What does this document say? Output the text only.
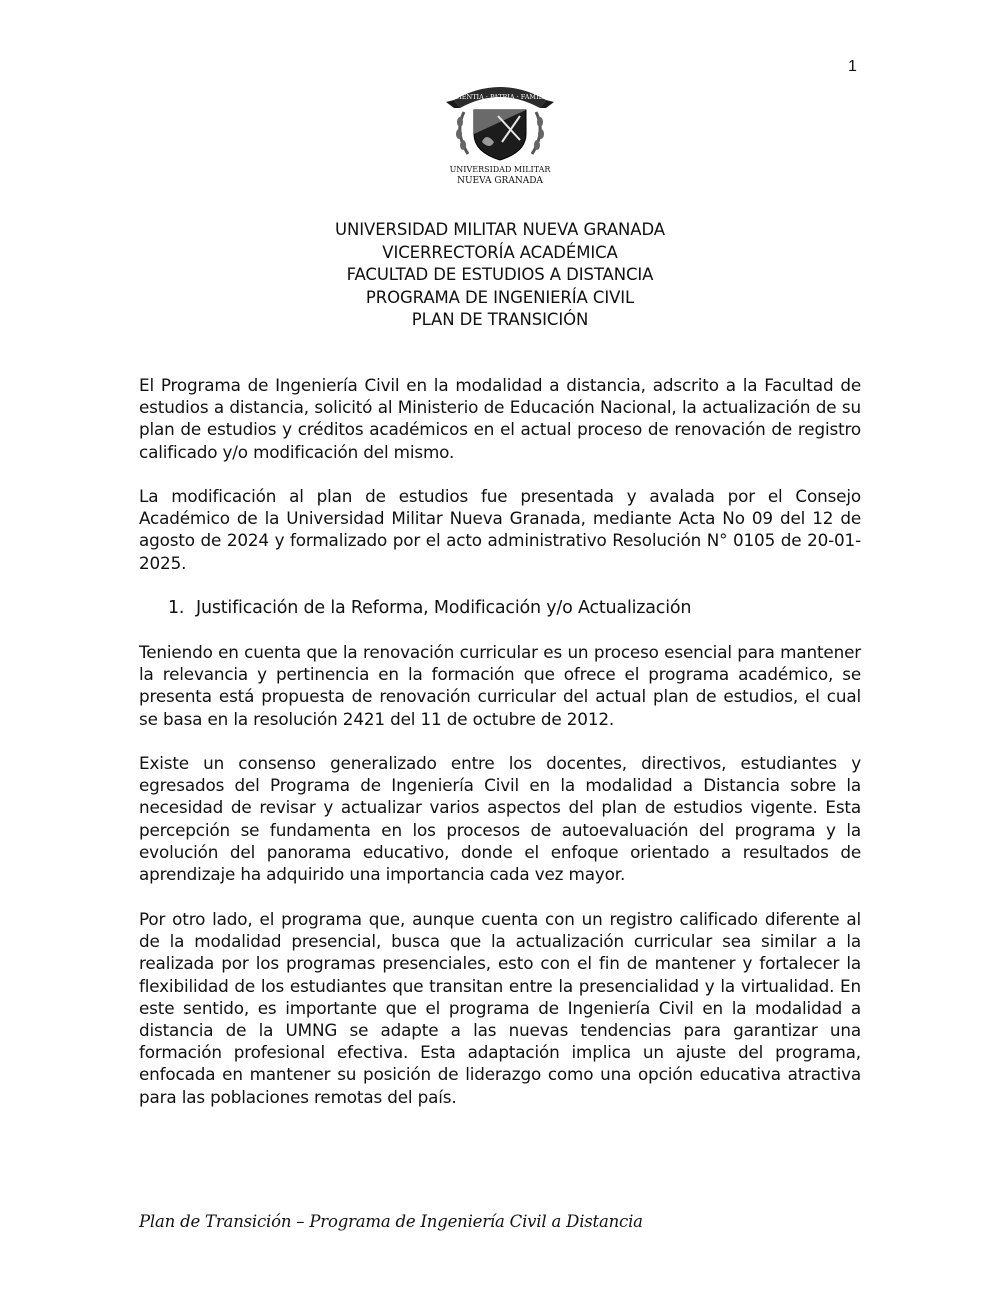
1
SCIENTIA · PATRIA · FAMILIA
UNIVERSIDAD MILITAR
NUEVA GRANADA
UNIVERSIDAD MILITAR NUEVA GRANADA
VICERRECTORÍA ACADÉMICA
FACULTAD DE ESTUDIOS A DISTANCIA
PROGRAMA DE INGENIERÍA CIVIL
PLAN DE TRANSICIÓN

El Programa de Ingeniería Civil en la modalidad a distancia, adscrito a la Facultad de estudios a distancia, solicitó al Ministerio de Educación Nacional, la actualización de su plan de estudios y créditos académicos en el actual proceso de renovación de registro calificado y/o modificación del mismo.

La modificación al plan de estudios fue presentada y avalada por el Consejo Académico de la Universidad Militar Nueva Granada, mediante Acta No 09 del 12 de agosto de 2024 y formalizado por el acto administrativo Resolución N° 0105 de 20-01-2025.

1. Justificación de la Reforma, Modificación y/o Actualización

Teniendo en cuenta que la renovación curricular es un proceso esencial para mantener la relevancia y pertinencia en la formación que ofrece el programa académico, se presenta está propuesta de renovación curricular del actual plan de estudios, el cual se basa en la resolución 2421 del 11 de octubre de 2012.

Existe un consenso generalizado entre los docentes, directivos, estudiantes y egresados del Programa de Ingeniería Civil en la modalidad a Distancia sobre la necesidad de revisar y actualizar varios aspectos del plan de estudios vigente. Esta percepción se fundamenta en los procesos de autoevaluación del programa y la evolución del panorama educativo, donde el enfoque orientado a resultados de aprendizaje ha adquirido una importancia cada vez mayor.

Por otro lado, el programa que, aunque cuenta con un registro calificado diferente al de la modalidad presencial, busca que la actualización curricular sea similar a la realizada por los programas presenciales, esto con el fin de mantener y fortalecer la flexibilidad de los estudiantes que transitan entre la presencialidad y la virtualidad. En este sentido, es importante que el programa de Ingeniería Civil en la modalidad a distancia de la UMNG se adapte a las nuevas tendencias para garantizar una formación profesional efectiva. Esta adaptación implica un ajuste del programa, enfocada en mantener su posición de liderazgo como una opción educativa atractiva para las poblaciones remotas del país.

Plan de Transición – Programa de Ingeniería Civil a Distancia
